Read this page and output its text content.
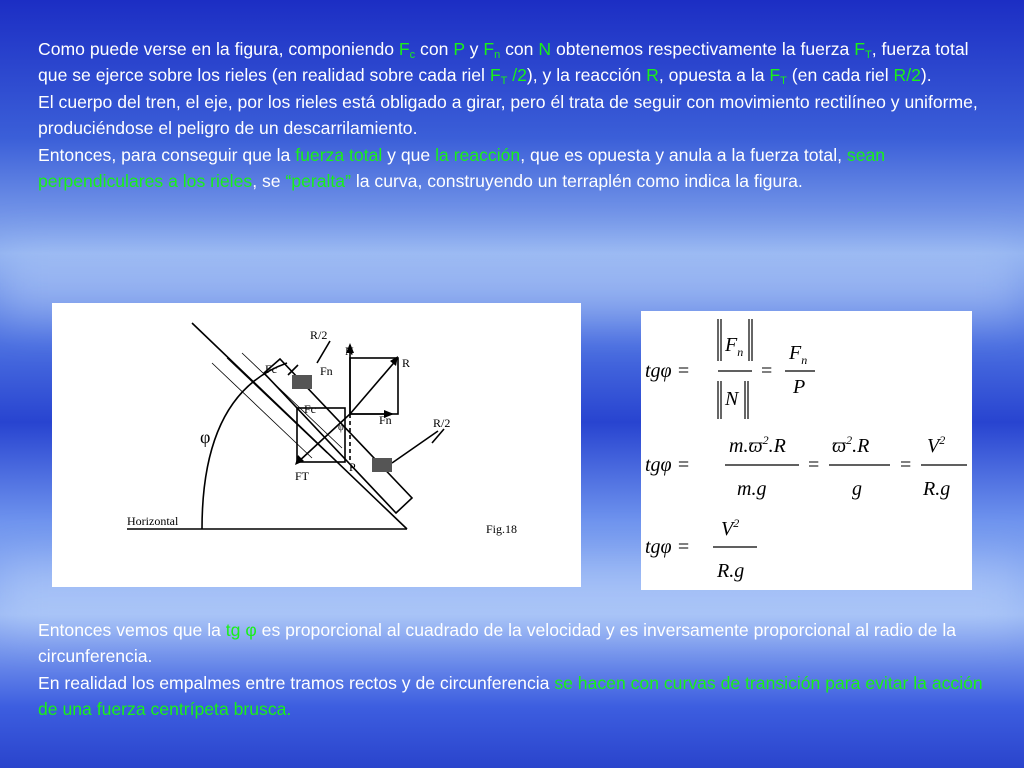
Como puede verse en la figura, componiendo $F_c$ con P y $F_n$ con N obtenemos respectivamente la fuerza $F_T$, fuerza total que se ejerce sobre los rieles (en realidad sobre cada riel $F_T$ /2), y la reacción R, opuesta a la $F_T$ (en cada riel R/2).
El cuerpo del tren, el eje, por los rieles está obligado a girar, pero él trata de seguir con movimiento rectilíneo y uniforme, produciéndose el peligro de un descarrilamiento.
Entonces, para conseguir que la fuerza total y que la reacción, que es opuesta y anula a la fuerza total, sean perpendiculares a los rieles, se “peralta” la curva, construyendo un terraplén como indica la figura.
R/2
R/2
N
R
Fc	Fn
Fc
Fn
φ	φ
P
FT
Horizontal
Fig.18
tgφ =
$F_n$
N
=
$F_n$
P
tgφ =
$m.ϖ^2.R$
m.g
=
$ϖ^2.R$
g
=
$V^2$
R.g
tgφ =
$V^2$
R.g
Entonces vemos que la tg φ es proporcional al cuadrado de la velocidad y es inversamente proporcional al radio de la circunferencia.
En realidad los empalmes entre tramos rectos y de circunferencia se hacen con curvas de transición para evitar la acción de una fuerza centrípeta brusca.
